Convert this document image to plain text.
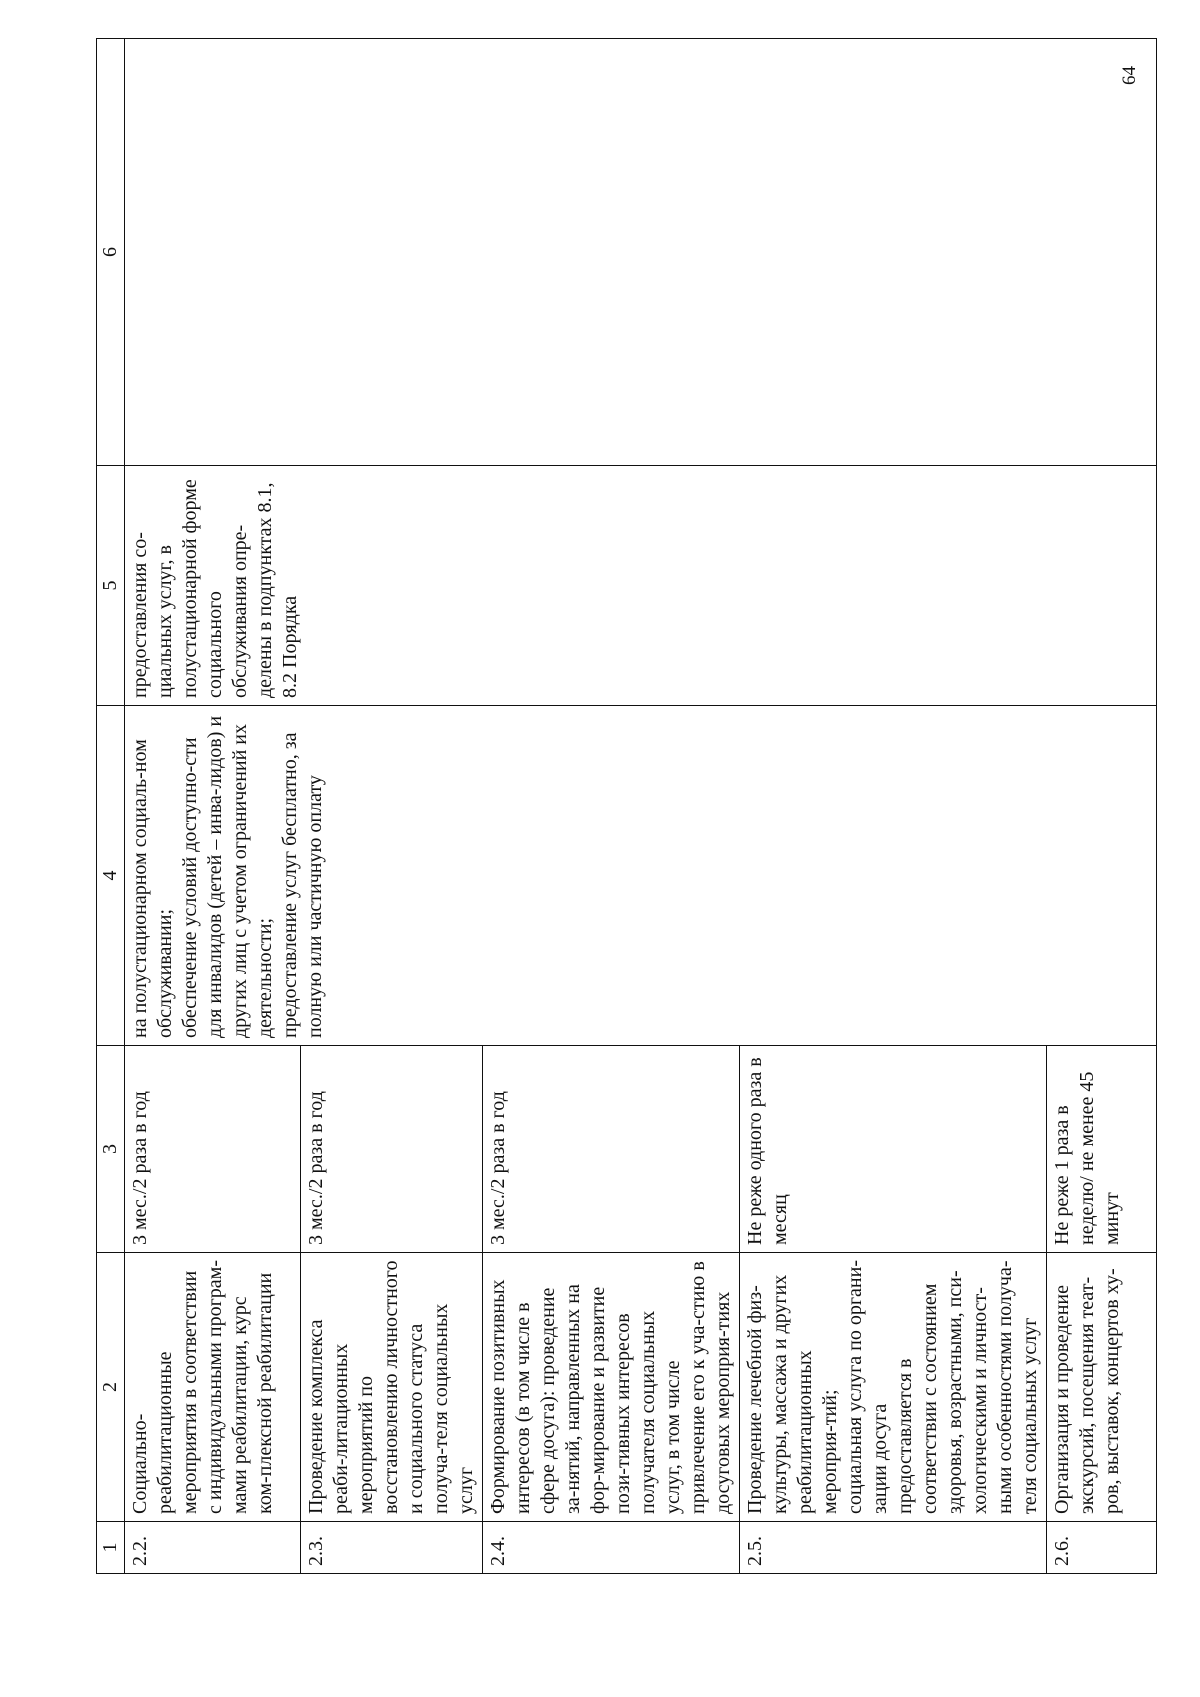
64
1	2	3	4	5	6
2.2.	Социально-реабилитационные мероприятия в соответствии с индивидуальными програм-мами реабилитации, курс ком-плексной реабилитации	3 мес./2 раза в год	на полустационарном социаль-ном обслуживании;
обеспечение условий доступно-сти для инвалидов (детей – инва-лидов) и других лиц с учетом ограничений их деятельности;
предоставление услуг бесплатно, за полную или частичную оплату	предоставления со-циальных услуг, в полустационарной форме социального обслуживания опре-делены в подпунктах 8.1, 8.2 Порядка	
2.3.	Проведение комплекса реаби-литационных мероприятий по восстановлению личностного и социального статуса получа-теля социальных услуг	3 мес./2 раза в год			
2.4.	Формирование позитивных интересов (в том числе в сфере досуга): проведение за-нятий, направленных на фор-мирование и развитие пози-тивных интересов получателя социальных услуг, в том числе привлечение его к уча-стию в досуговых мероприя-тиях	3 мес./2 раза в год			
2.5.	Проведение лечебной физ-культуры, массажа и других реабилитационных мероприя-тий;
социальная услуга по органи-зации досуга предоставляется в соответствии с состоянием здоровья, возрастными, пси-хологическими и личност-ными особенностями получа-теля социальных услуг	Не реже одного раза в месяц			
2.6.	Организация и проведение экскурсий, посещения теат-ров, выставок, концертов ху-	Не реже 1 раза в неделю/ не менее 45 минут			
